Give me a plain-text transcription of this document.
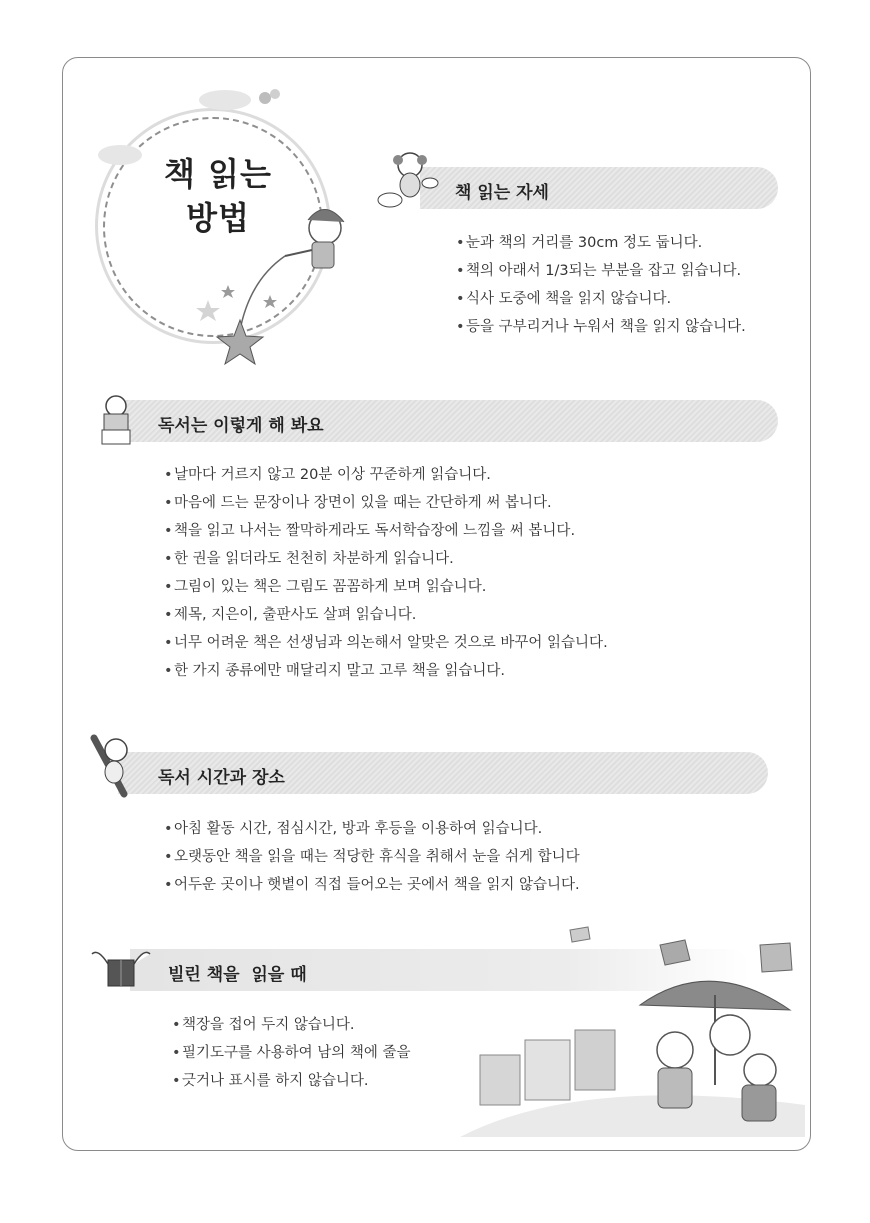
책 읽는
방법
책 읽는 자세
• 눈과 책의 거리를 30cm 정도 둡니다.
• 책의 아래서 1/3되는 부분을 잡고 읽습니다.
• 식사 도중에 책을 읽지 않습니다.
• 등을 구부리거나 누워서 책을 읽지 않습니다.
독서는 이렇게 해 봐요
• 날마다 거르지 않고 20분 이상 꾸준하게 읽습니다.
• 마음에 드는 문장이나 장면이 있을 때는 간단하게 써 봅니다.
• 책을 읽고 나서는 짤막하게라도 독서학습장에 느낌을 써 봅니다.
• 한 권을 읽더라도 천천히 차분하게 읽습니다.
• 그림이 있는 책은 그림도 꼼꼼하게 보며 읽습니다.
• 제목, 지은이, 출판사도 살펴 읽습니다.
• 너무 어려운 책은 선생님과 의논해서 알맞은 것으로 바꾸어 읽습니다.
• 한 가지 종류에만 매달리지 말고 고루 책을 읽습니다.
독서 시간과 장소
• 아침 활동 시간, 점심시간, 방과 후등을 이용하여 읽습니다.
• 오랫동안 책을 읽을 때는 적당한 휴식을 취해서 눈을 쉬게 합니다
• 어두운 곳이나 햇볕이 직접 들어오는 곳에서 책을 읽지 않습니다.
빌린 책을  읽을 때
• 책장을 접어 두지 않습니다.
• 필기도구를 사용하여 남의 책에 줄을
• 긋거나 표시를 하지 않습니다.
